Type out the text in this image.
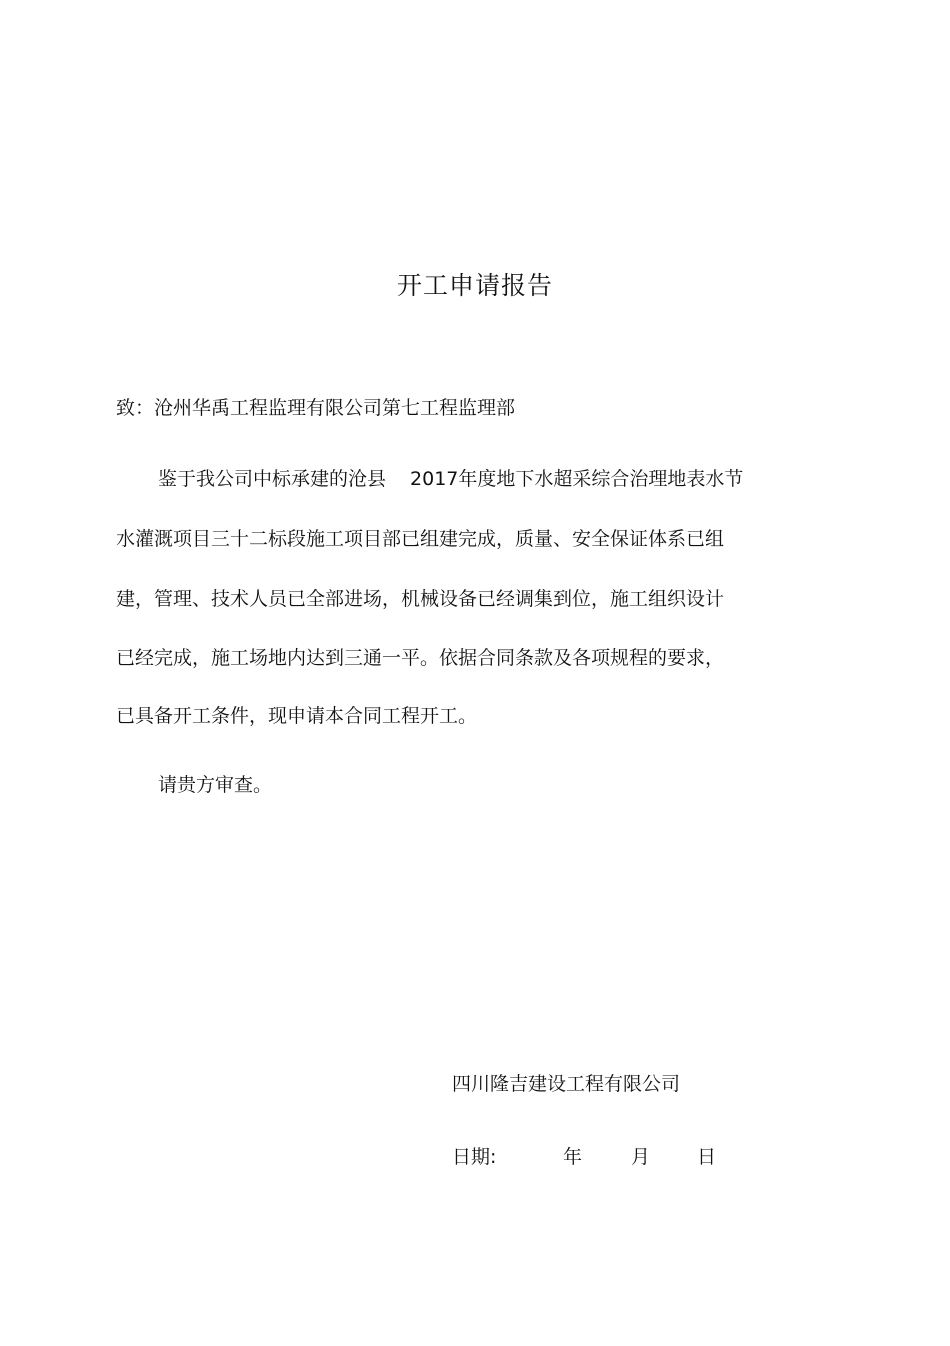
开工申请报告
致：沧州华禹工程监理有限公司第七工程监理部
鉴于我公司中标承建的沧县 2017年度地下水超采综合治理地表水节
水灌溉项目三十二标段施工项目部已组建完成，质量、安全保证体系已组
建，管理、技术人员已全部进场，机械设备已经调集到位，施工组织设计
已经完成，施工场地内达到三通一平。依据合同条款及各项规程的要求，
已具备开工条件，现申请本合同工程开工。
请贵方审查。
四川隆吉建设工程有限公司
日期:	年	月 日
